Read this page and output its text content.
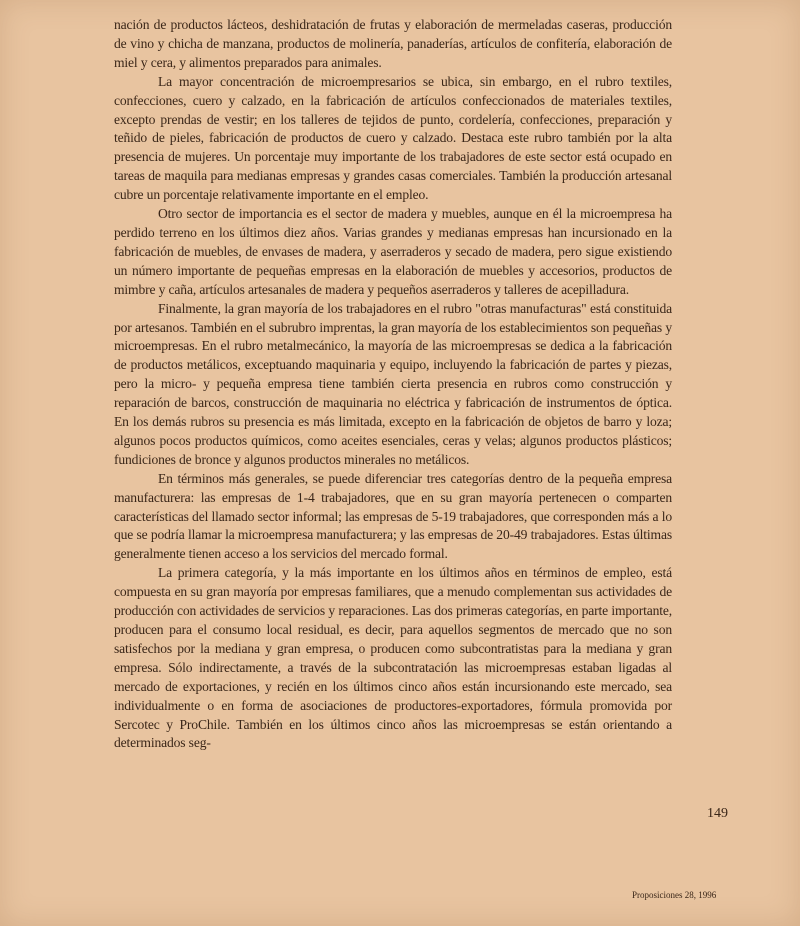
nación de productos lácteos, deshidratación de frutas y elaboración de mermeladas caseras, producción de vino y chicha de manzana, productos de molinería, panaderías, artículos de confitería, elaboración de miel y cera, y alimentos preparados para animales.

La mayor concentración de microempresarios se ubica, sin embargo, en el rubro textiles, confecciones, cuero y calzado, en la fabricación de artículos confeccionados de materiales textiles, excepto prendas de vestir; en los talleres de tejidos de punto, cordelería, confecciones, preparación y teñido de pieles, fabricación de productos de cuero y calzado. Destaca este rubro también por la alta presencia de mujeres. Un porcentaje muy importante de los trabajadores de este sector está ocupado en tareas de maquila para medianas empresas y grandes casas comerciales. También la producción artesanal cubre un porcentaje relativamente importante en el empleo.

Otro sector de importancia es el sector de madera y muebles, aunque en él la microempresa ha perdido terreno en los últimos diez años. Varias grandes y medianas empresas han incursionado en la fabricación de muebles, de envases de madera, y aserraderos y secado de madera, pero sigue existiendo un número importante de pequeñas empresas en la elaboración de muebles y accesorios, productos de mimbre y caña, artículos artesanales de madera y pequeños aserraderos y talleres de acepilladura.

Finalmente, la gran mayoría de los trabajadores en el rubro "otras manufacturas" está constituida por artesanos. También en el subrubro imprentas, la gran mayoría de los establecimientos son pequeñas y microempresas. En el rubro metalmecánico, la mayoría de las microempresas se dedica a la fabricación de productos metálicos, exceptuando maquinaria y equipo, incluyendo la fabricación de partes y piezas, pero la micro- y pequeña empresa tiene también cierta presencia en rubros como construcción y reparación de barcos, construcción de maquinaria no eléctrica y fabricación de instrumentos de óptica. En los demás rubros su presencia es más limitada, excepto en la fabricación de objetos de barro y loza; algunos pocos productos químicos, como aceites esenciales, ceras y velas; algunos productos plásticos; fundiciones de bronce y algunos productos minerales no metálicos.

En términos más generales, se puede diferenciar tres categorías dentro de la pequeña empresa manufacturera: las empresas de 1-4 trabajadores, que en su gran mayoría pertenecen o comparten características del llamado sector informal; las empresas de 5-19 trabajadores, que corresponden más a lo que se podría llamar la microempresa manufacturera; y las empresas de 20-49 trabajadores. Estas últimas generalmente tienen acceso a los servicios del mercado formal.

La primera categoría, y la más importante en los últimos años en términos de empleo, está compuesta en su gran mayoría por empresas familiares, que a menudo complementan sus actividades de producción con actividades de servicios y reparaciones. Las dos primeras categorías, en parte importante, producen para el consumo local residual, es decir, para aquellos segmentos de mercado que no son satisfechos por la mediana y gran empresa, o producen como subcontratistas para la mediana y gran empresa. Sólo indirectamente, a través de la subcontratación las microempresas estaban ligadas al mercado de exportaciones, y recién en los últimos cinco años están incursionando este mercado, sea individualmente o en forma de asociaciones de productores-exportadores, fórmula promovida por Sercotec y ProChile. También en los últimos cinco años las microempresas se están orientando a determinados seg-

149
Proposiciones 28, 1996
